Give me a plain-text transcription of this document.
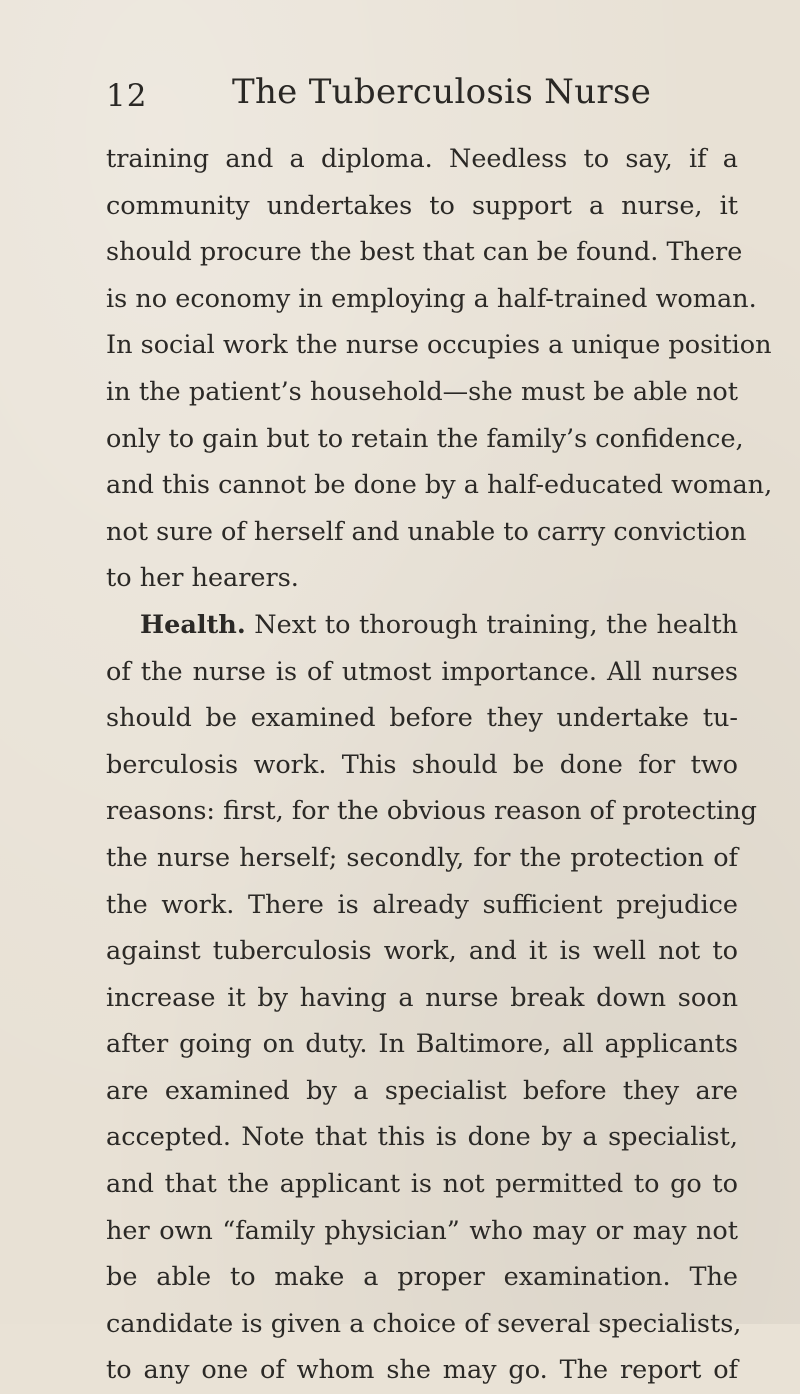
12 The Tuberculosis Nurse
training and a diploma. Needless to say, if a
community undertakes to support a nurse, it
should procure the best that can be found. There
is no economy in employing a half-trained woman.
In social work the nurse occupies a unique position
in the patient’s household—she must be able not
only to gain but to retain the family’s confidence,
and this cannot be done by a half-educated woman,
not sure of herself and unable to carry conviction
to her hearers.
Health. Next to thorough training, the health
of the nurse is of utmost importance. All nurses
should be examined before they undertake tu-
berculosis work. This should be done for two
reasons: first, for the obvious reason of protecting
the nurse herself; secondly, for the protection of
the work. There is already sufficient prejudice
against tuberculosis work, and it is well not to
increase it by having a nurse break down soon
after going on duty. In Baltimore, all applicants
are examined by a specialist before they are
accepted. Note that this is done by a specialist,
and that the applicant is not permitted to go to
her own “family physician” who may or may not
be able to make a proper examination. The
candidate is given a choice of several specialists,
to any one of whom she may go. The report of
